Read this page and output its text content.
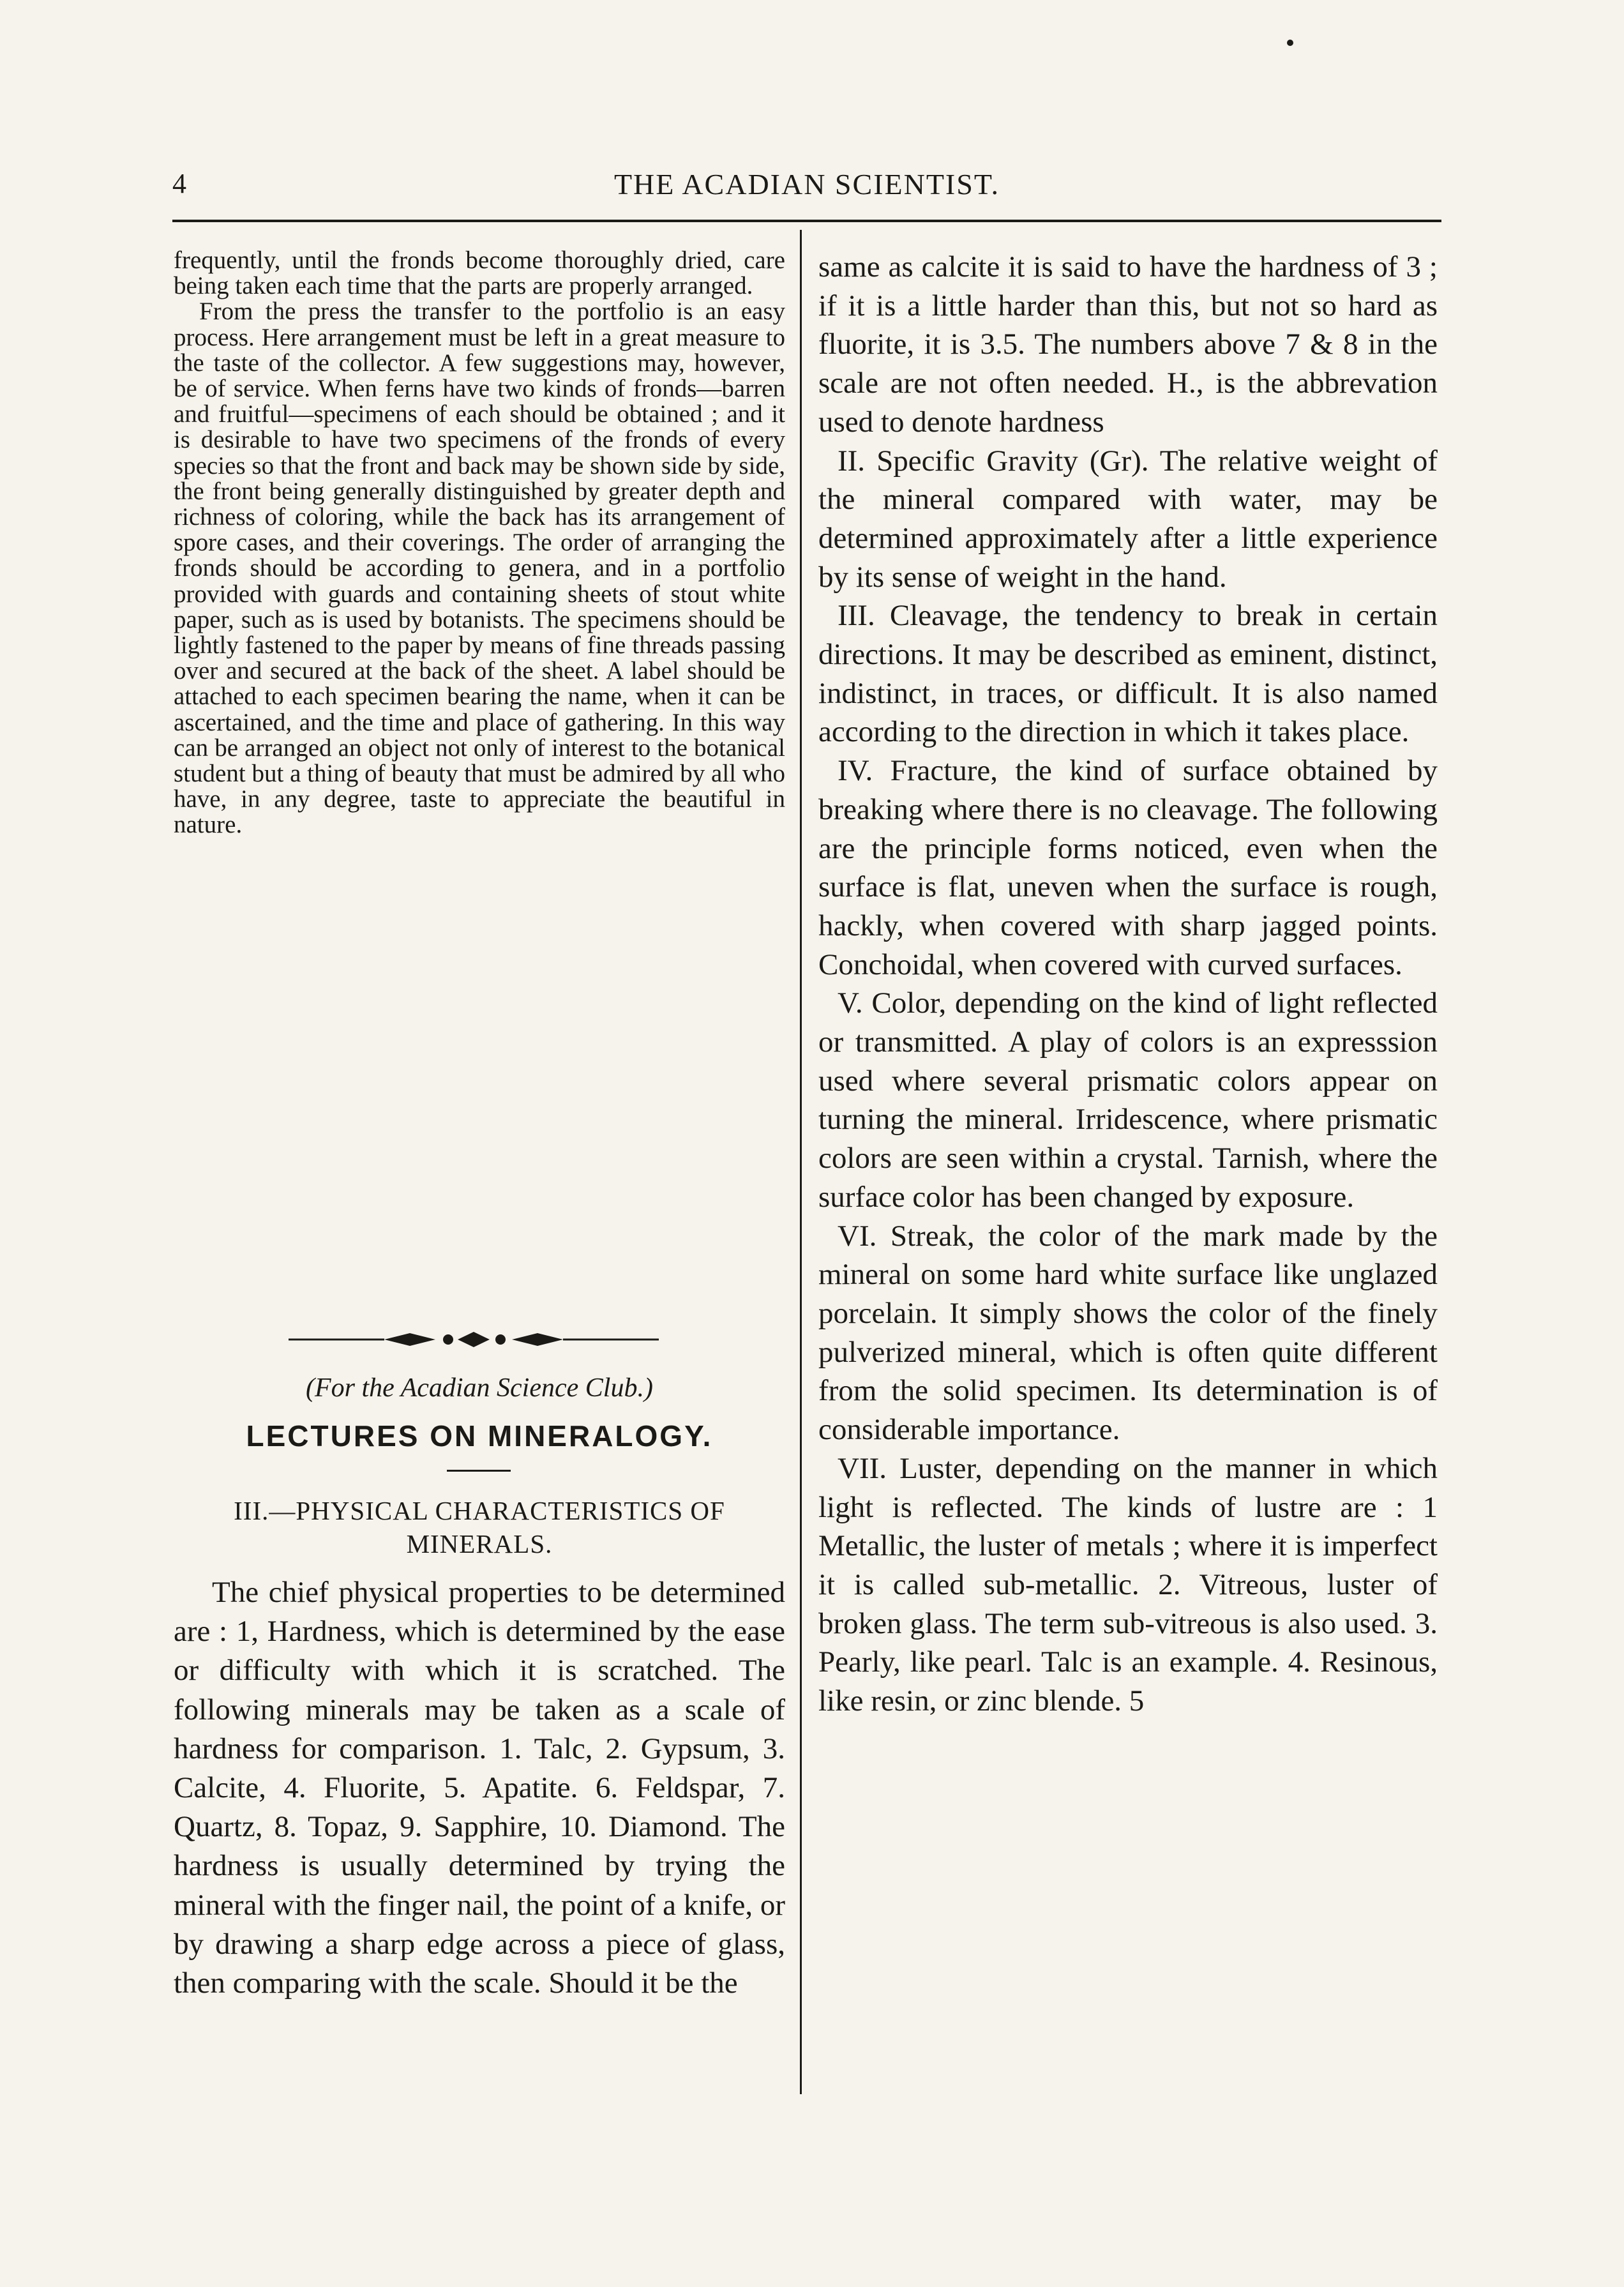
4	THE ACADIAN SCIENTIST.

frequently, until the fronds become thoroughly dried, care being taken each time that the parts are properly arranged.

From the press the transfer to the portfolio is an easy process. Here arrangement must be left in a great measure to the taste of the collector. A few suggestions may, however, be of service. When ferns have two kinds of fronds—barren and fruitful—specimens of each should be obtained ; and it is desirable to have two specimens of the fronds of every species so that the front and back may be shown side by side, the front being generally distinguished by greater depth and richness of coloring, while the back has its arrangement of spore cases, and their coverings. The order of arranging the fronds should be according to genera, and in a portfolio provided with guards and containing sheets of stout white paper, such as is used by botanists. The specimens should be lightly fastened to the paper by means of fine threads passing over and secured at the back of the sheet. A label should be attached to each specimen bearing the name, when it can be ascertained, and the time and place of gathering. In this way can be arranged an object not only of interest to the botanical student but a thing of beauty that must be admired by all who have, in any degree, taste to appreciate the beautiful in nature.

(For the Acadian Science Club.)
LECTURES ON MINERALOGY.
III.—PHYSICAL CHARACTERISTICS OF MINERALS.

The chief physical properties to be determined are : 1, Hardness, which is determined by the ease or difficulty with which it is scratched. The following minerals may be taken as a scale of hardness for comparison. 1. Talc, 2. Gypsum, 3. Calcite, 4. Fluorite, 5. Apatite. 6. Feldspar, 7. Quartz, 8. Topaz, 9. Sapphire, 10. Diamond. The hardness is usually determined by trying the mineral with the finger nail, the point of a knife, or by drawing a sharp edge across a piece of glass, then comparing with the scale. Should it be the

same as calcite it is said to have the hardness of 3 ; if it is a little harder than this, but not so hard as fluorite, it is 3.5. The numbers above 7 & 8 in the scale are not often needed. H., is the abbrevation used to denote hardness

II. Specific Gravity (Gr). The relative weight of the mineral compared with water, may be determined approximately after a little experience by its sense of weight in the hand.

III. Cleavage, the tendency to break in certain directions. It may be described as eminent, distinct, indistinct, in traces, or difficult. It is also named according to the direction in which it takes place.

IV. Fracture, the kind of surface obtained by breaking where there is no cleavage. The following are the principle forms noticed, even when the surface is flat, uneven when the surface is rough, hackly, when covered with sharp jagged points. Conchoidal, when covered with curved surfaces.

V. Color, depending on the kind of light reflected or transmitted. A play of colors is an expresssion used where several prismatic colors appear on turning the mineral. Irridescence, where prismatic colors are seen within a crystal. Tarnish, where the surface color has been changed by exposure.

VI. Streak, the color of the mark made by the mineral on some hard white surface like unglazed porcelain. It simply shows the color of the finely pulverized mineral, which is often quite different from the solid specimen. Its determination is of considerable importance.

VII. Luster, depending on the manner in which light is reflected. The kinds of lustre are : 1 Metallic, the luster of metals ; where it is imperfect it is called sub-metallic. 2. Vitreous, luster of broken glass. The term sub-vitreous is also used. 3. Pearly, like pearl. Talc is an example. 4. Resinous, like resin, or zinc blende. 5
